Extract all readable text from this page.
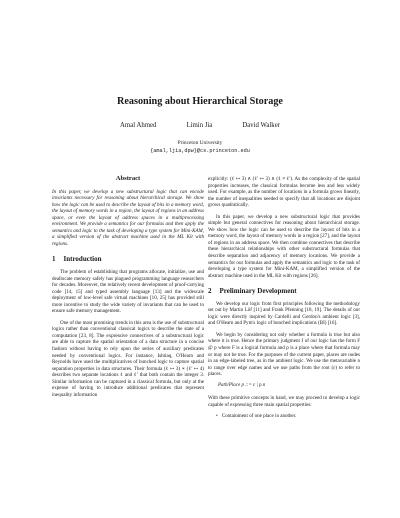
Reasoning about Hierarchical Storage
Amal Ahmed	Limin Jia	David Walker
Princeton University
{amal,ljia,dpw}@cs.princeton.edu
Abstract

In this paper, we develop a new substructural logic that can encode invariants necessary for reasoning about hierarchical storage. We show how the logic can be used to describe the layout of bits in a memory word, the layout of memory words in a region, the layout of regions in an address space, or even the layout of address spaces in a multiprocessing environment. We provide a semantics for our formulas and then apply the semantics and logic to the task of developing a type system for Mini-KAM, a simplified version of the abstract machine used in the ML Kit with regions.

1 Introduction

The problem of establishing that programs allocate, initialize, use and deallocate memory safely has plagued programming language researchers for decades. Moreover, the relatively recent development of proof-carrying code [14, 15] and typed assembly language [13] and the widescale deployment of low-level safe virtual machines [10, 25] has provided still more incentive to study the wide variety of invariants that can be used to ensure safe memory management.

One of the most promising trends in this area is the use of substructural logics rather than conventional classical logics to describe the state of a computation [23, 8]. The expressive connectives of a substructural logic are able to capture the spatial orientation of a data structure in a concise fashion without having to rely upon the series of auxiliary predicates needed by conventional logics. For instance, Ishtiaq, O'Hearn and Reynolds have used the multiplicatives of bunched logic to capture spatial separation properties in data structures. Their formula (ℓ ↦ 3) ∗ (ℓ′ ↦ 4) describes two separate locations ℓ and ℓ′ that both contain the integer 3. Similar information can be captured in a classical formula, but only at the expense of having to introduce additional predicates that represent inequality information

explicitly: (ℓ ↦ 3) ∧ (ℓ′ ↦ 3) ∧ (ℓ ≠ ℓ′). As the complexity of the spatial properties increases, the classical formulas become less and less widely used. For example, as the number of locations in a formula grows linearly, the number of inequalities needed to specify that all locations are disjoint grows quadratically.

In this paper, we develop a new substructural logic that provides simple but general connectives for reasoning about hierarchical storage. We show how the logic can be used to describe the layout of bits in a memory word, the layout of memory words in a region [27], and the layout of regions in an address space. We then combine connectives that describe these hierarchical relationships with other substructural formulas that describe separation and adjacency of memory locations. We provide a semantics for our formulas and apply the semantics and logic to the task of developing a type system for Mini-KAM, a simplified version of the abstract machine used in the ML Kit with regions [26].

2 Preliminary Development

We develop our logic from first principles following the methodology set out by Martin Löf [11] and Frank Pfenning [18, 19]. The details of our logic were directly inspired by Cardelli and Gordon's ambient logic [3], and O'Hearn and Pym's logic of bunched implications (BI) [16].

We begin by considering not only whether a formula is true but also where it is true. Hence the primary judgment J of our logic has the form F @ p where F is a logical formula and p is a place where that formula may or may not be true. For the purposes of the current paper, places are nodes in an edge-labeled tree, as in the ambient logic. We use the metavariable n to range over edge names and we use paths from the root (ε) to refer to places.

Path/Place p ::= ε | p.n

With these primitive concepts in hand, we may proceed to develop a logic capable of expressing three main spatial properties:

• Containment of one place in another.
